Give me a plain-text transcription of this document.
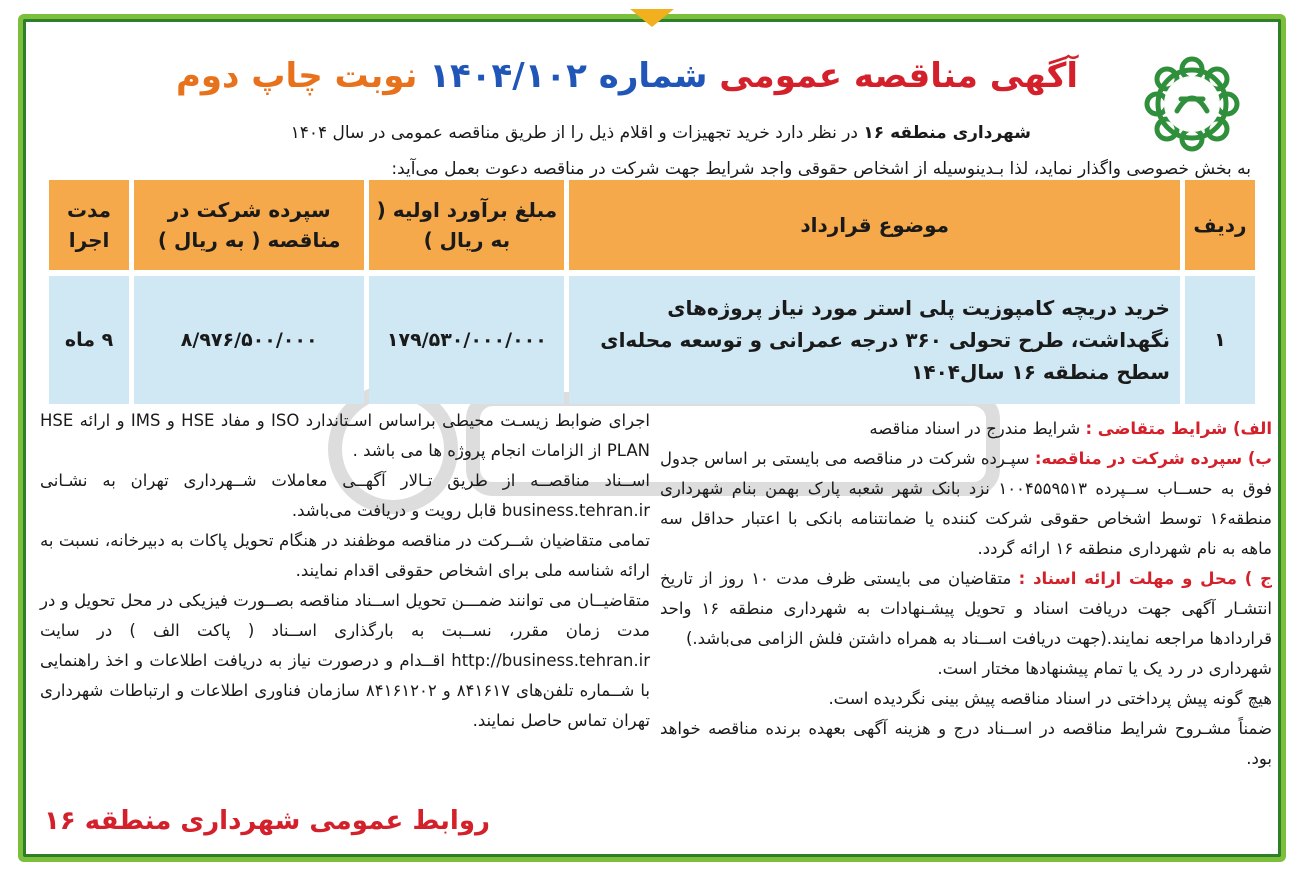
آگهی مناقصه عمومی شماره ۱۴۰۴/۱۰۲ نوبت چاپ دوم
شهرداری منطقه ۱۶ در نظر دارد خرید تجهیزات و اقلام ذیل را از طریق مناقصه عمومی در سال ۱۴۰۴
به بخش خصوصی واگذار نماید، لذا بـدینوسیله از اشخاص حقوقی واجد شرایط جهت شرکت در مناقصه دعوت بعمل می‌آید:
ردیف	موضوع قرارداد	مبلغ برآورد اولیه ( به ریال )	سپرده شرکت در مناقصه ( به ریال )	مدت اجرا
۱	خرید دریچه کامپوزیت پلی استر مورد نیاز پروژه‌های نگهداشت، طرح تحولی ۳۶۰ درجه عمرانی و توسعه محله‌ای سطح منطقه ۱۶ سال۱۴۰۴	۱۷۹/۵۳۰/۰۰۰/۰۰۰	۸/۹۷۶/۵۰۰/۰۰۰	۹ ماه
الف) شرایط متقاضی : شرایط مندرج در اسناد مناقصه
ب) سپرده شرکت در مناقصه: سپـرده شرکت در مناقصه می بایستی بر اساس جدول فوق به حســاب ســپرده ۱۰۰۴۵۵۹۵۱۳ نزد بانک شهر شعبه پارک بهمن بنام شهرداری منطقه۱۶ توسط اشخاص حقوقی شرکت کننده یا ضمانتنامه بانکی با اعتبار حداقل سه ماهه به نام شهرداری منطقه ۱۶ ارائه گردد.
ج ) محل و مهلت ارائه اسناد : متقاضیان می بایستی ظرف مدت ۱۰ روز از تاریخ انتشـار آگهی جهت دریافت اسناد و تحویل پیشـنهادات به شهرداری منطقه ۱۶ واحد قراردادها مراجعه نمایند.(جهت دریافت اســناد به همراه داشتن فلش الزامی می‌باشد.)
شهرداری در رد یک یا تمام پیشنهادها مختار است.
هیچ گونه پیش پرداختی در اسناد مناقصه پیش بینی نگردیده است.
ضمناً مشـروح شرایط مناقصه در اســناد درج و هزینه آگهی بعهده برنده مناقصه خواهد بود.
اجرای ضوابط زیسـت محیطی براساس اسـتاندارد ISO و مفاد HSE و IMS و ارائه HSE PLAN از الزامات انجام پروژه ها می باشد .
اســناد مناقصــه از طریق تـالار آگهــی معاملات شــهرداری تهران به نشـانی business.tehran.ir قابل رویت و دریافت می‌باشد.
تمامی متقاضیان شــرکت در مناقصه موظفند در هنگام تحویل پاکات به دبیرخانه، نسبت به ارائه شناسه ملی برای اشخاص حقوقی اقدام نمایند.
متقاضیــان می توانند ضمـــن تحویل اســناد مناقصه بصــورت فیزیکی در محل تحویل و در مدت زمان مقرر، نســبت به بارگذاری اســناد ( پاکت الف ) در سایت http://business.tehran.ir اقــدام و درصورت نیاز به دریافت اطلاعات و اخذ راهنمایی با شــماره تلفن‌های ۸۴۱۶۱۷ و ۸۴۱۶۱۲۰۲ سازمان فناوری اطلاعات و ارتباطات شهرداری تهران تماس حاصل نمایند.
روابط عمومی شهرداری منطقه ۱۶
